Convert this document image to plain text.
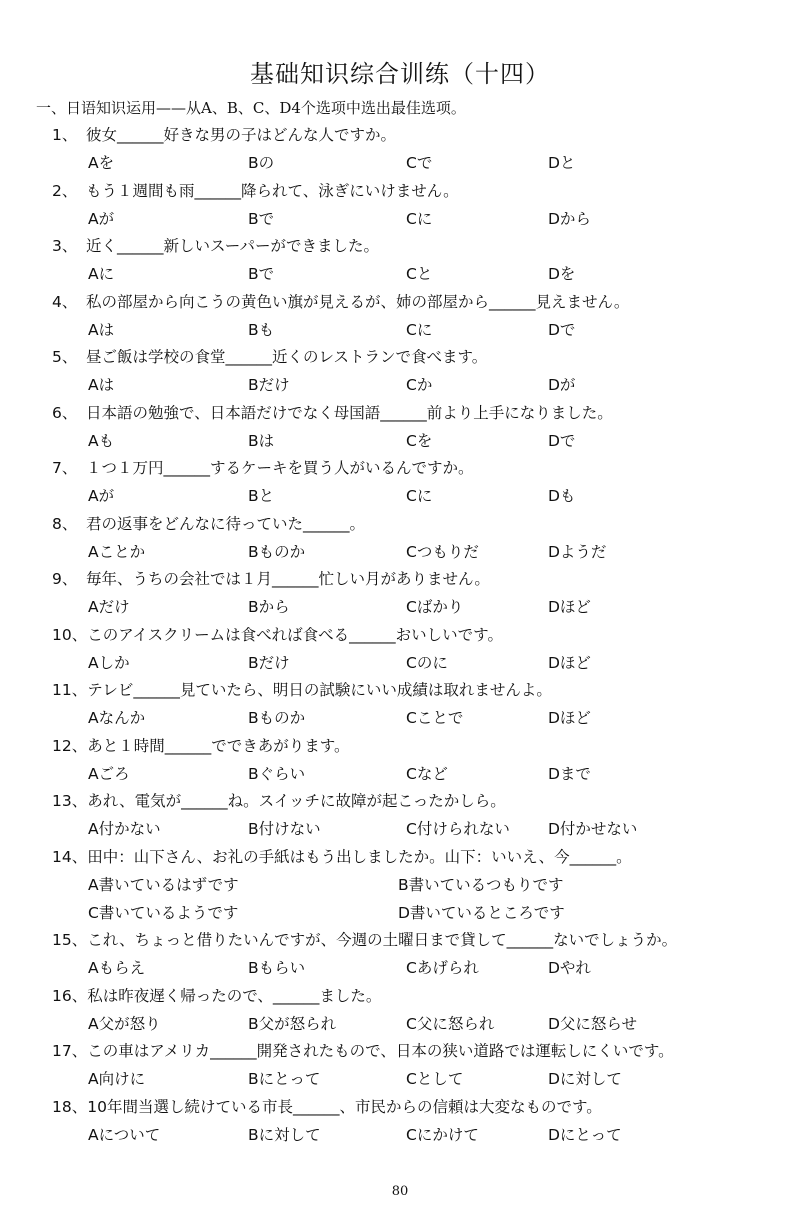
基础知识综合训练（十四）
一、日语知识运用——从A、B、C、D4个选项中选出最佳选项。
1、 彼女______好きな男の子はどんな人ですか。
Aを	Bの	Cで	Dと
2、 もう１週間も雨______降られて、泳ぎにいけません。
Aが	Bで	Cに	Dから
3、 近く______新しいスーパーができました。
Aに	Bで	Cと	Dを
4、 私の部屋から向こうの黄色い旗が見えるが、姉の部屋から______見えません。
Aは	Bも	Cに	Dで
5、 昼ご飯は学校の食堂______近くのレストランで食べます。
Aは	Bだけ	Cか	Dが
6、 日本語の勉強で、日本語だけでなく母国語______前より上手になりました。
Aも	Bは	Cを	Dで
7、 １つ１万円______するケーキを買う人がいるんですか。
Aが	Bと	Cに	Dも
8、 君の返事をどんなに待っていた______。
Aことか	Bものか	Cつもりだ	Dようだ
9、 毎年、うちの会社では１月______忙しい月がありません。
Aだけ	Bから	Cばかり	Dほど
10、このアイスクリームは食べれば食べる______おいしいです。
Aしか	Bだけ	Cのに	Dほど
11、テレビ______見ていたら、明日の試験にいい成績は取れませんよ。
Aなんか	Bものか	Cことで	Dほど
12、あと１時間______でできあがります。
Aごろ	Bぐらい	Cなど	Dまで
13、あれ、電気が______ね。スイッチに故障が起こったかしら。
A付かない	B付けない	C付けられない D付かせない
14、田中：山下さん、お礼の手紙はもう出しましたか。山下：いいえ、今______。
A書いているはずです	B書いているつもりです
C書いているようです	D書いているところです
15、これ、ちょっと借りたいんですが、今週の土曜日まで貸して______ないでしょうか。
Aもらえ	Bもらい	Cあげられ	Dやれ
16、私は昨夜遅く帰ったので、______ました。
A父が怒り	B父が怒られ	C父に怒られ	D父に怒らせ
17、この車はアメリカ______開発されたもので、日本の狭い道路では運転しにくいです。
A向けに	Bにとって	Cとして	Dに対して
18、10年間当選し続けている市長______、市民からの信頼は大変なものです。
Aについて	Bに対して	Cにかけて	Dにとって
80
